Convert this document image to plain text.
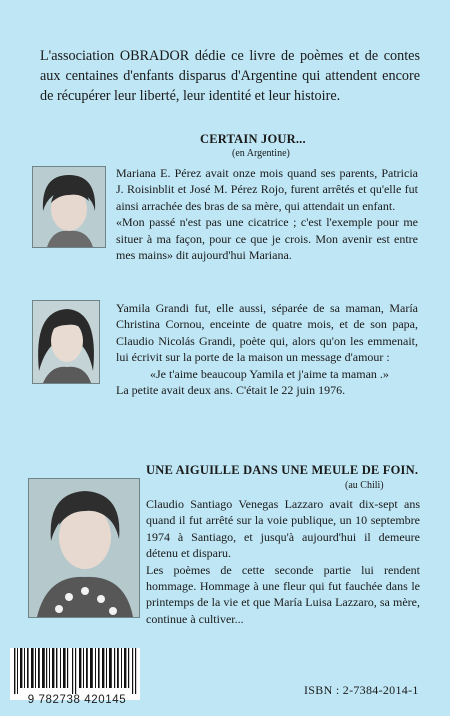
L'association OBRADOR dédie ce livre de poèmes et de contes aux centaines d'enfants disparus d'Argentine qui attendent encore de récupérer leur liberté, leur identité et leur histoire.
CERTAIN JOUR...
(en Argentine)

Mariana E. Pérez avait onze mois quand ses parents, Patricia J. Roisinblit et José M. Pérez Rojo, furent arrêtés et qu'elle fut ainsi arrachée des bras de sa mère, qui attendait un enfant.

«Mon passé n'est pas une cicatrice ; c'est l'exemple pour me situer à ma façon, pour ce que je crois. Mon avenir est entre mes mains» dit aujourd'hui Mariana.

Yamila Grandi fut, elle aussi, séparée de sa maman, María Christina Cornou, enceinte de quatre mois, et de son papa, Claudio Nicolás Grandi, poète qui, alors qu'on les emmenait, lui écrivit sur la porte de la maison un message d'amour :

«Je t'aime beaucoup Yamila et j'aime ta maman .»

La petite avait deux ans. C'était le 22 juin 1976.

UNE AIGUILLE DANS UNE MEULE DE FOIN.
(au Chili)

Claudio Santiago Venegas Lazzaro avait dix-sept ans quand il fut arrêté sur la voie publique, un 10 septembre 1974 à Santiago, et jusqu'à aujourd'hui il demeure détenu et disparu.

Les poèmes de cette seconde partie lui rendent hommage. Hommage à une fleur qui fut fauchée dans le printemps de la vie et que María Luisa Lazzaro, sa mère, continue à cultiver...

9 782738 420145
ISBN : 2-7384-2014-1
